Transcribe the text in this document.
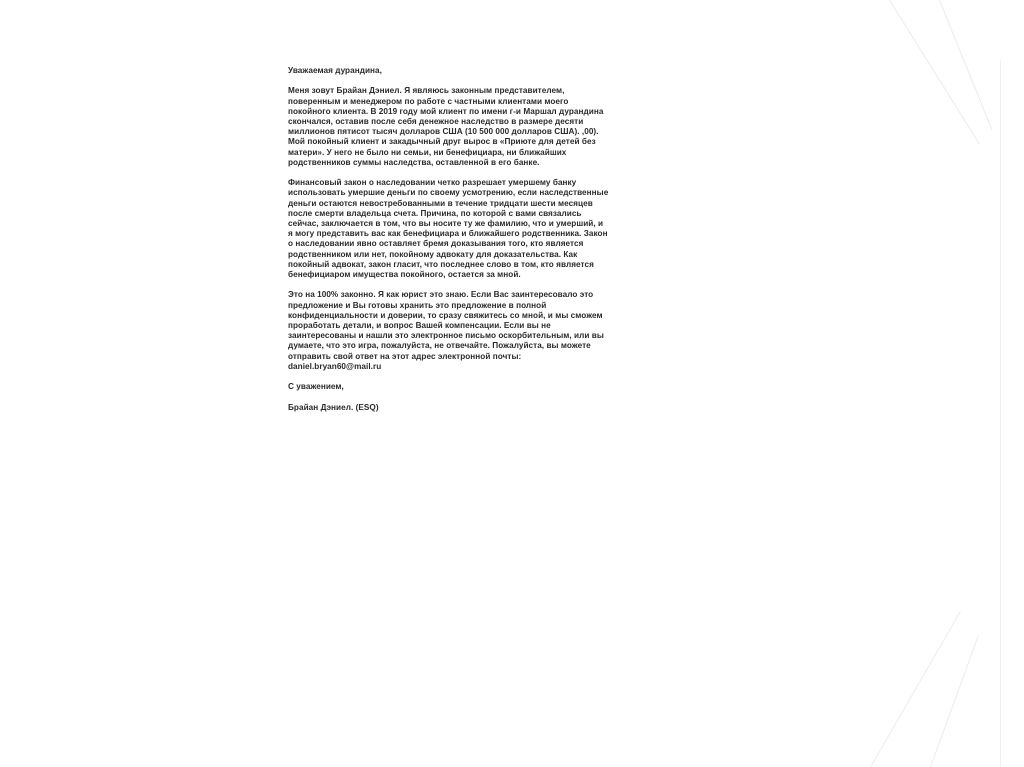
Уважаемая дурандина,

Меня зовут Брайан Дэниел. Я являюсь законным представителем,
поверенным и менеджером по работе с частными клиентами моего
покойного клиента. В 2019 году мой клиент по имени г-и Маршал дурандина
скончался, оставив после себя денежное наследство в размере десяти
миллионов пятисот тысяч долларов США (10 500 000 долларов США). ,00).
Мой покойный клиент и закадычный друг вырос в «Приюте для детей без
матери». У него не было ни семьи, ни бенефициара, ни ближайших
родственников суммы наследства, оставленной в его банке.

Финансовый закон о наследовании четко разрешает умершему банку
использовать умершие деньги по своему усмотрению, если наследственные
деньги остаются невостребованными в течение тридцати шести месяцев
после смерти владельца счета. Причина, по которой с вами связались
сейчас, заключается в том, что вы носите ту же фамилию, что и умерший, и
я могу представить вас как бенефициара и ближайшего родственника. Закон
о наследовании явно оставляет бремя доказывания того, кто является
родственником или нет, покойному адвокату для доказательства. Как
покойный адвокат, закон гласит, что последнее слово в том, кто является
бенефициаром имущества покойного, остается за мной.

Это на 100% законно. Я как юрист это знаю. Если Вас заинтересовало это
предложение и Вы готовы хранить это предложение в полной
конфиденциальности и доверии, то сразу свяжитесь со мной, и мы сможем
проработать детали, и вопрос Вашей компенсации. Если вы не
заинтересованы и нашли это электронное письмо оскорбительным, или вы
думаете, что это игра, пожалуйста, не отвечайте. Пожалуйста, вы можете
отправить свой ответ на этот адрес электронной почты:

daniel.bryan60@mail.ru

С уважением,

Брайан Дэниел. (ESQ)
